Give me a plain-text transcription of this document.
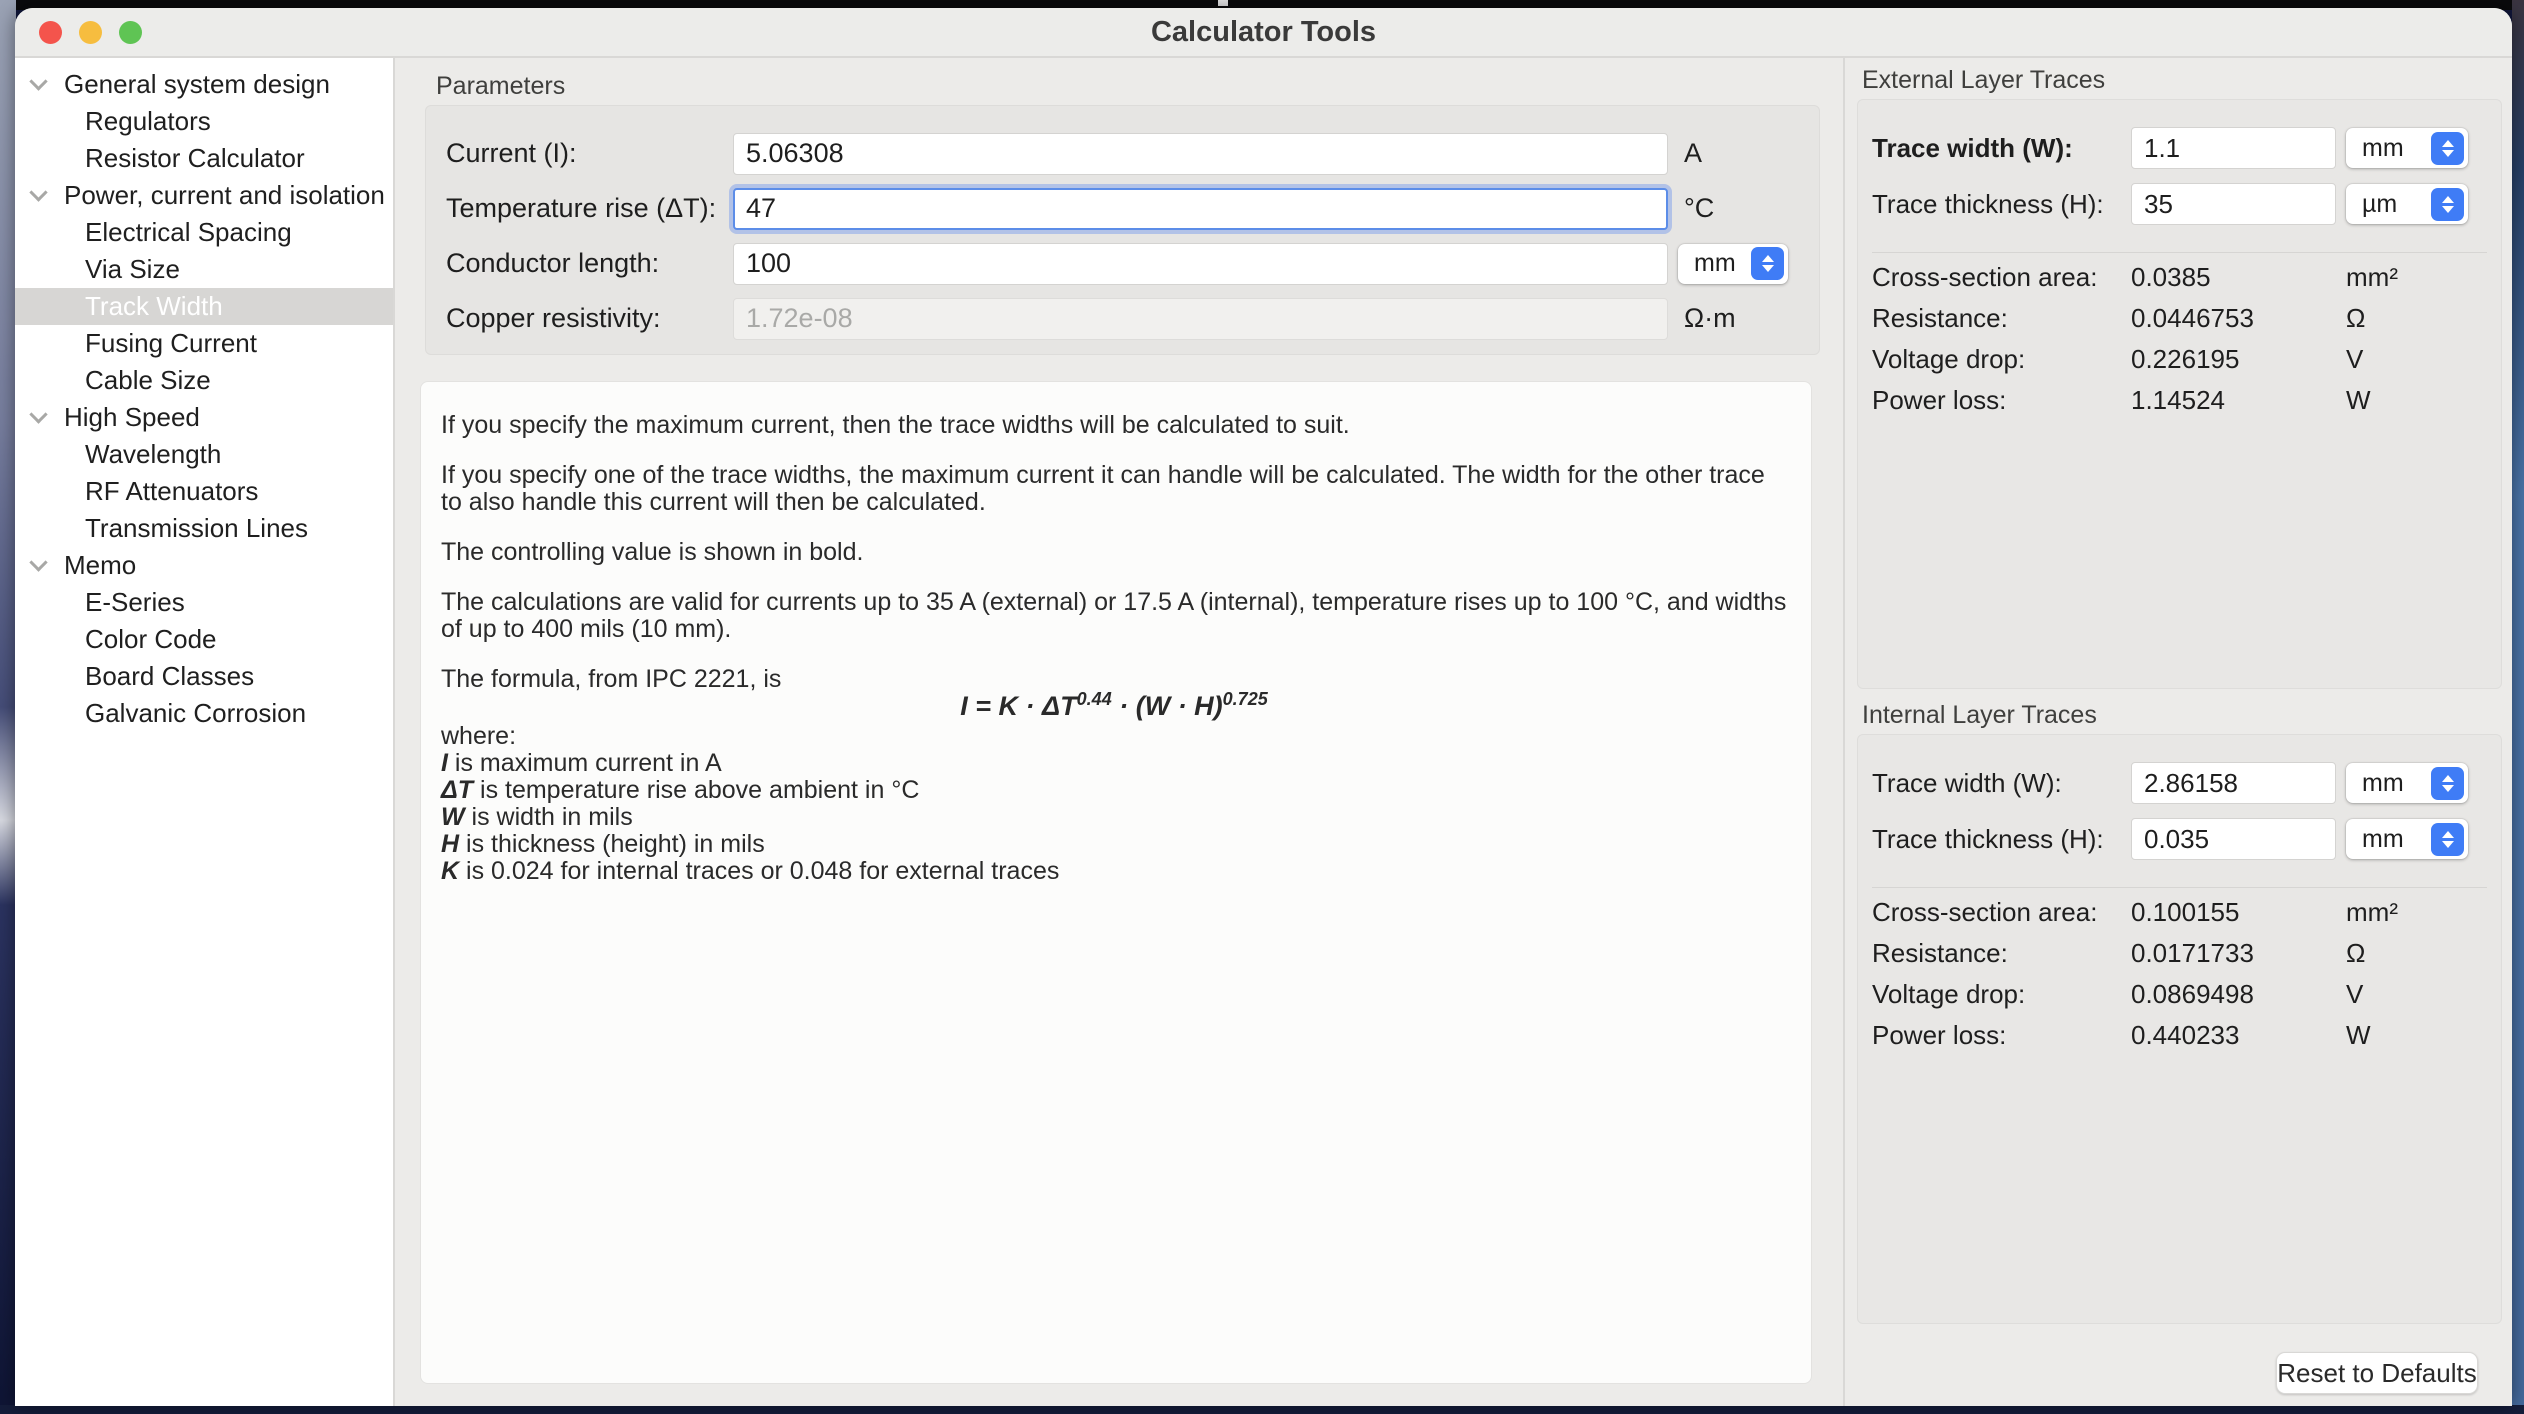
Calculator Tools
General system design
Regulators
Resistor Calculator
Power, current and isolation
Electrical Spacing
Via Size
Track Width
Fusing Current
Cable Size
High Speed
Wavelength
RF Attenuators
Transmission Lines
Memo
E-Series
Color Code
Board Classes
Galvanic Corrosion
Parameters
Current (I):
5.06308	A
Temperature rise (ΔT):
47	°C
Conductor length:
100	mm
Copper resistivity:
1.72e-08	Ω·m

If you specify the maximum current, then the trace widths will be calculated to suit.

If you specify one of the trace widths, the maximum current it can handle will be calculated. The width for the other trace to also handle this current will then be calculated.

The controlling value is shown in bold.

The calculations are valid for currents up to 35 A (external) or 17.5 A (internal), temperature rises up to 100 °C, and widths of up to 400 mils (10 mm).

The formula, from IPC 2221, is

$I = K \cdot \Delta T^{0.44} \cdot (W \cdot H)^{0.725}$
where:
I is maximum current in A
ΔT is temperature rise above ambient in °C
W is width in mils
H is thickness (height) in mils
K is 0.024 for internal traces or 0.048 for external traces
External Layer Traces
Trace width (W):
1.1	mm
Trace thickness (H):
35	µm
Cross-section area:	0.0385	mm²
Resistance:	0.0446753	Ω
Voltage drop:	0.226195	V
Power loss:	1.14524	W
Internal Layer Traces
Trace width (W):
2.86158	mm
Trace thickness (H):
0.035	mm
Cross-section area:	0.100155	mm²
Resistance:	0.0171733	Ω
Voltage drop:	0.0869498	V
Power loss:	0.440233	W
Reset to Defaults
